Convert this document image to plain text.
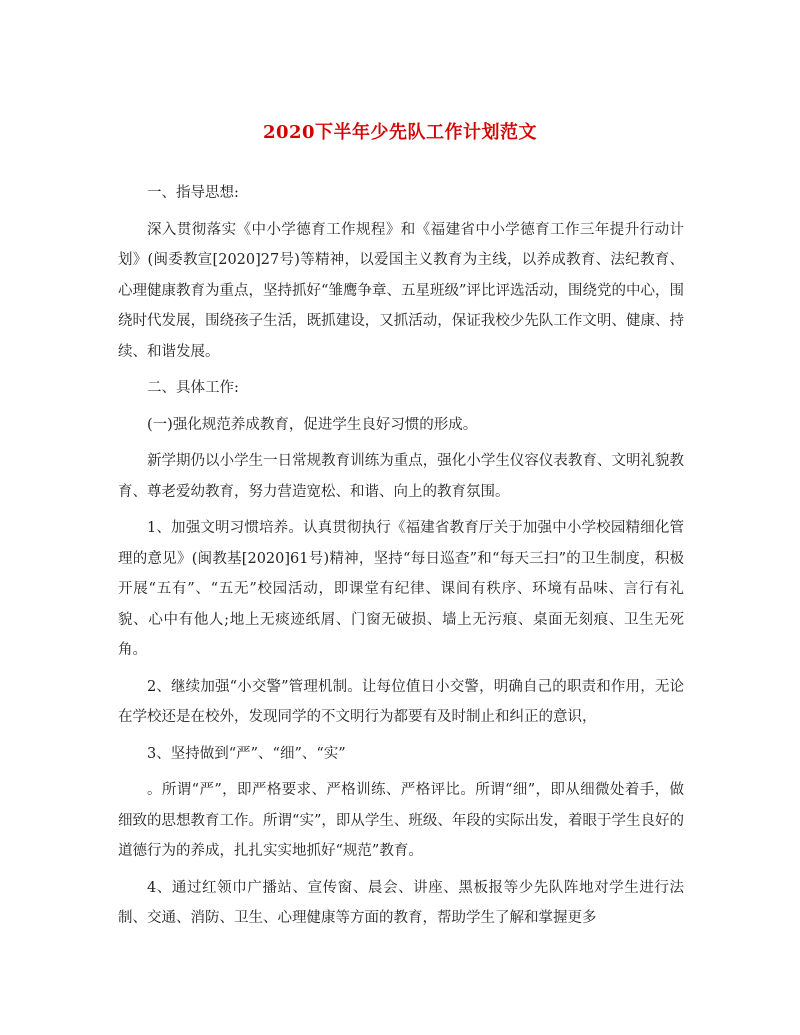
2020下半年少先队工作计划范文

一、指导思想:

深入贯彻落实《中小学德育工作规程》和《福建省中小学德育工作三年提升行动计划》(闽委教宣[2020]27号)等精神，以爱国主义教育为主线，以养成教育、法纪教育、心理健康教育为重点，坚持抓好“雏鹰争章、五星班级”评比评选活动，围绕党的中心，围绕时代发展，围绕孩子生活，既抓建设，又抓活动，保证我校少先队工作文明、健康、持续、和谐发展。

二、具体工作:

(一)强化规范养成教育，促进学生良好习惯的形成。

新学期仍以小学生一日常规教育训练为重点，强化小学生仪容仪表教育、文明礼貌教育、尊老爱幼教育，努力营造宽松、和谐、向上的教育氛围。

1、加强文明习惯培养。认真贯彻执行《福建省教育厅关于加强中小学校园精细化管理的意见》(闽教基[2020]61号)精神，坚持“每日巡查”和“每天三扫”的卫生制度，积极开展“五有”、“五无”校园活动，即课堂有纪律、课间有秩序、环境有品味、言行有礼貌、心中有他人;地上无痰迹纸屑、门窗无破损、墙上无污痕、桌面无刻痕、卫生无死角。

2、继续加强“小交警”管理机制。让每位值日小交警，明确自己的职责和作用，无论在学校还是在校外，发现同学的不文明行为都要有及时制止和纠正的意识，

3、坚持做到“严”、“细”、“实”

。所谓“严”，即严格要求、严格训练、严格评比。所谓“细”，即从细微处着手，做细致的思想教育工作。所谓“实”，即从学生、班级、年段的实际出发，着眼于学生良好的道德行为的养成，扎扎实实地抓好“规范”教育。

4、通过红领巾广播站、宣传窗、晨会、讲座、黑板报等少先队阵地对学生进行法制、交通、消防、卫生、心理健康等方面的教育，帮助学生了解和掌握更多
